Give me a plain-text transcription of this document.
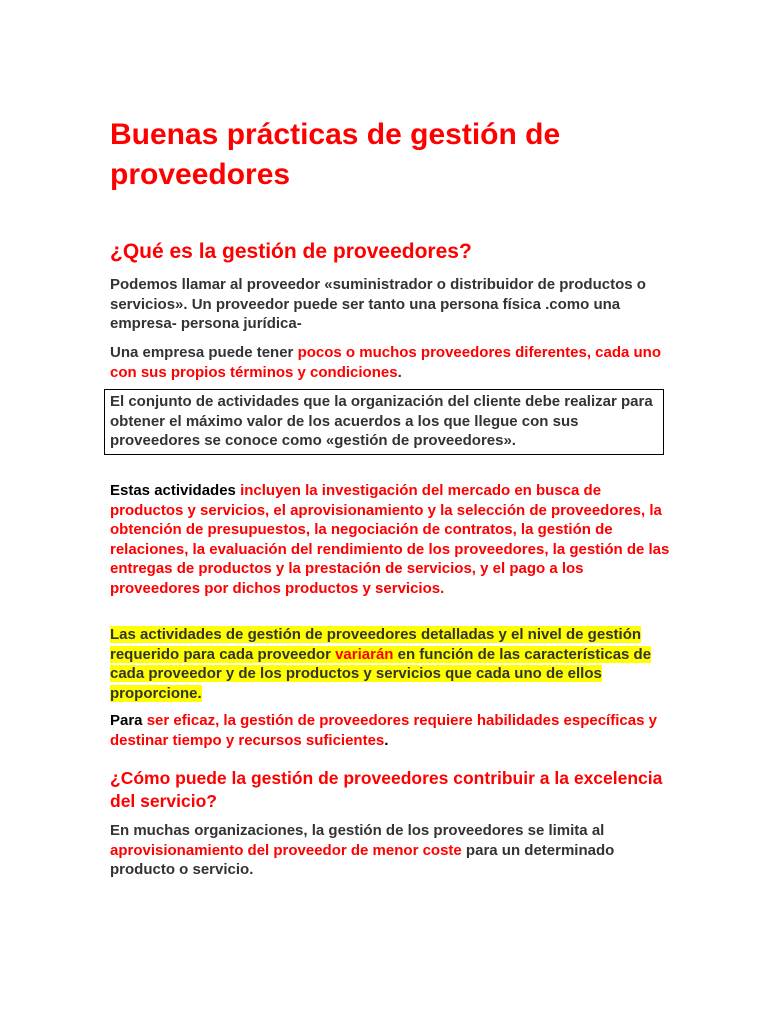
Buenas prácticas de gestión de proveedores
¿Qué es la gestión de proveedores?

Podemos llamar al proveedor «suministrador o distribuidor de productos o servicios». Un proveedor puede ser tanto una persona física .como una empresa- persona jurídica-

Una empresa puede tener pocos o muchos proveedores diferentes, cada uno con sus propios términos y condiciones.

El conjunto de actividades que la organización del cliente debe realizar para obtener el máximo valor de los acuerdos a los que llegue con sus proveedores se conoce como «gestión de proveedores».

Estas actividades incluyen la investigación del mercado en busca de productos y servicios, el aprovisionamiento y la selección de proveedores, la obtención de presupuestos, la negociación de contratos, la gestión de relaciones, la evaluación del rendimiento de los proveedores, la gestión de las entregas de productos y la prestación de servicios, y el pago a los proveedores por dichos productos y servicios.

Las actividades de gestión de proveedores detalladas y el nivel de gestión requerido para cada proveedor variarán en función de las características de cada proveedor y de los productos y servicios que cada uno de ellos proporcione.

Para ser eficaz, la gestión de proveedores requiere habilidades específicas y destinar tiempo y recursos suficientes.

¿Cómo puede la gestión de proveedores contribuir a la excelencia del servicio?

En muchas organizaciones, la gestión de los proveedores se limita al aprovisionamiento del proveedor de menor coste para un determinado producto o servicio.
